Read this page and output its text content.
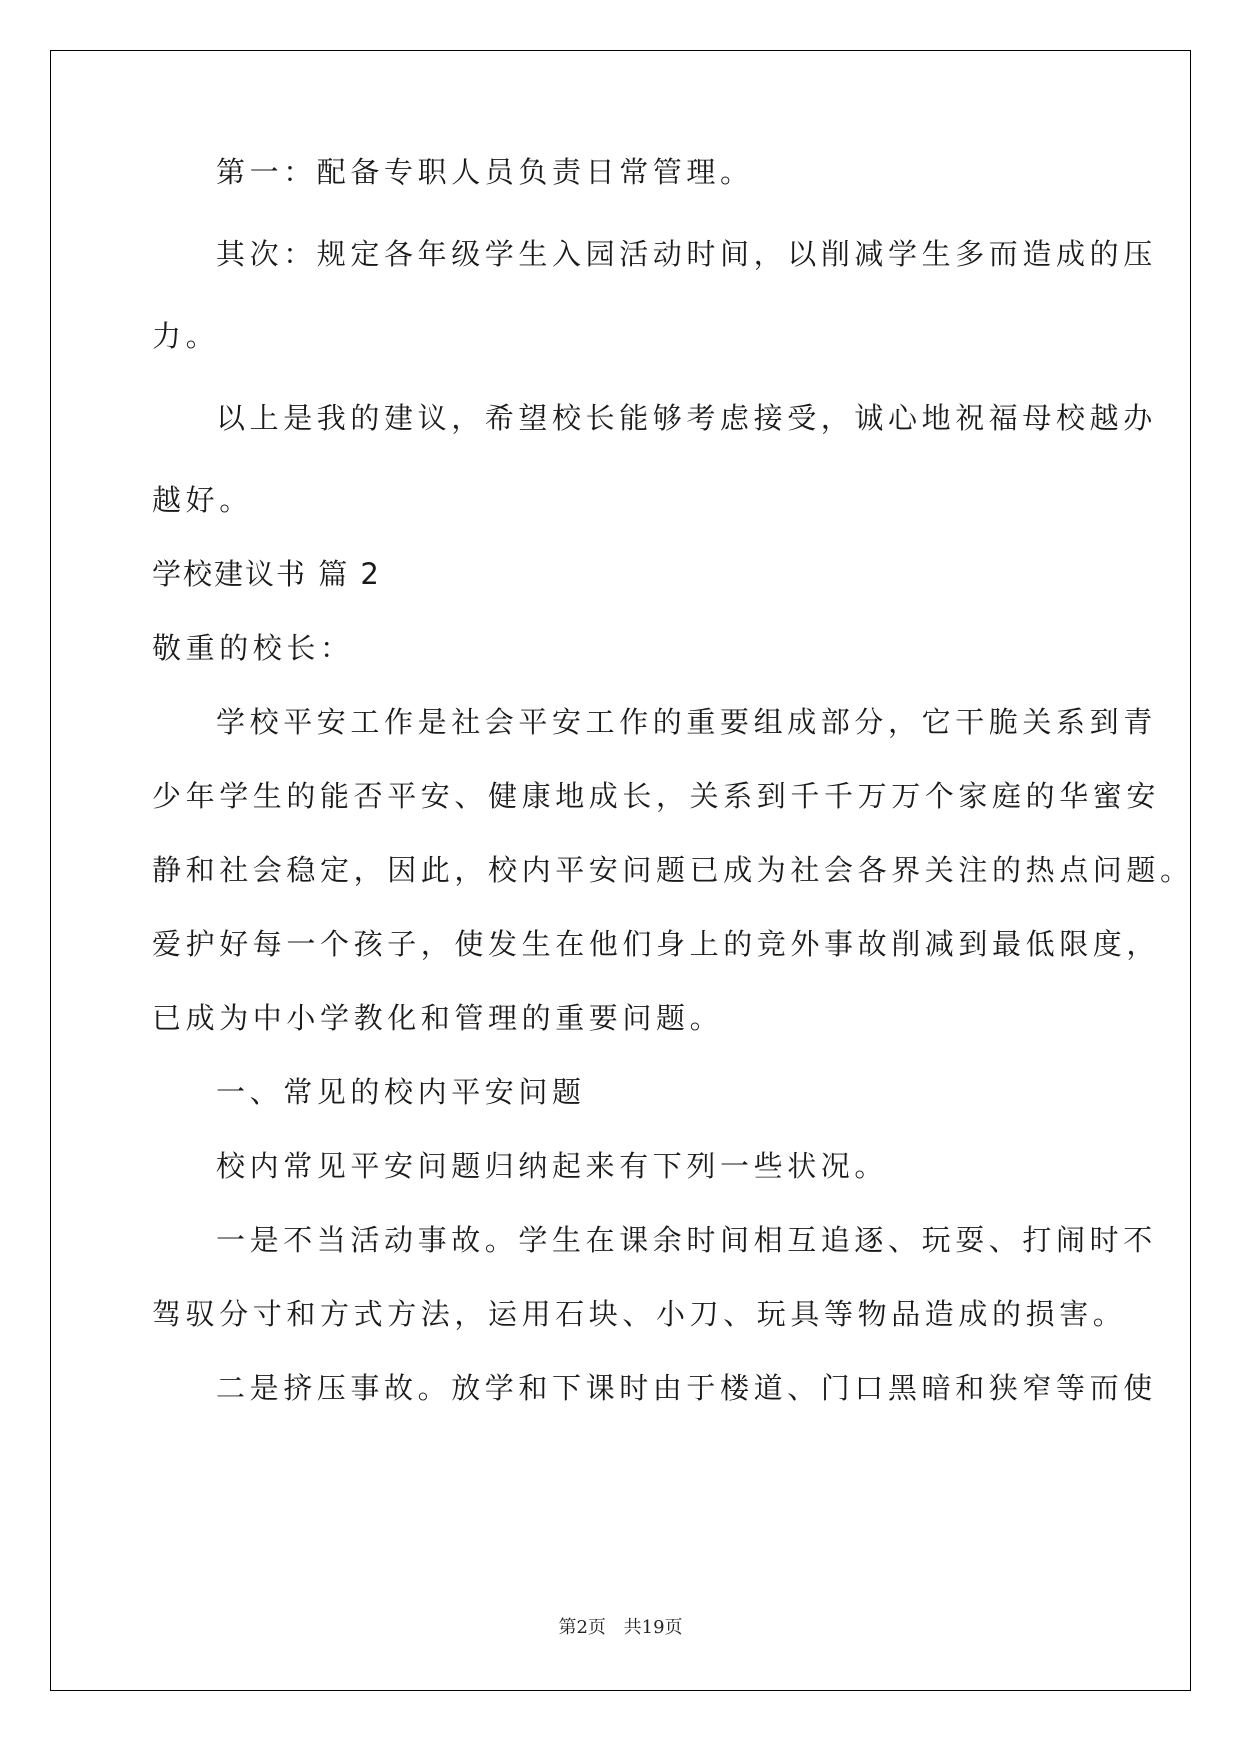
第一：配备专职人员负责日常管理。
其次：规定各年级学生入园活动时间，以削减学生多而造成的压
力。
以上是我的建议，希望校长能够考虑接受，诚心地祝福母校越办
越好。
学校建议书 篇 2
敬重的校长：
学校平安工作是社会平安工作的重要组成部分，它干脆关系到青
少年学生的能否平安、健康地成长，关系到千千万万个家庭的华蜜安
静和社会稳定，因此，校内平安问题已成为社会各界关注的热点问题。
爱护好每一个孩子，使发生在他们身上的竞外事故削减到最低限度，
已成为中小学教化和管理的重要问题。
一、常见的校内平安问题
校内常见平安问题归纳起来有下列一些状况。
一是不当活动事故。学生在课余时间相互追逐、玩耍、打闹时不
驾驭分寸和方式方法，运用石块、小刀、玩具等物品造成的损害。
二是挤压事故。放学和下课时由于楼道、门口黑暗和狭窄等而使
第2页 共19页
